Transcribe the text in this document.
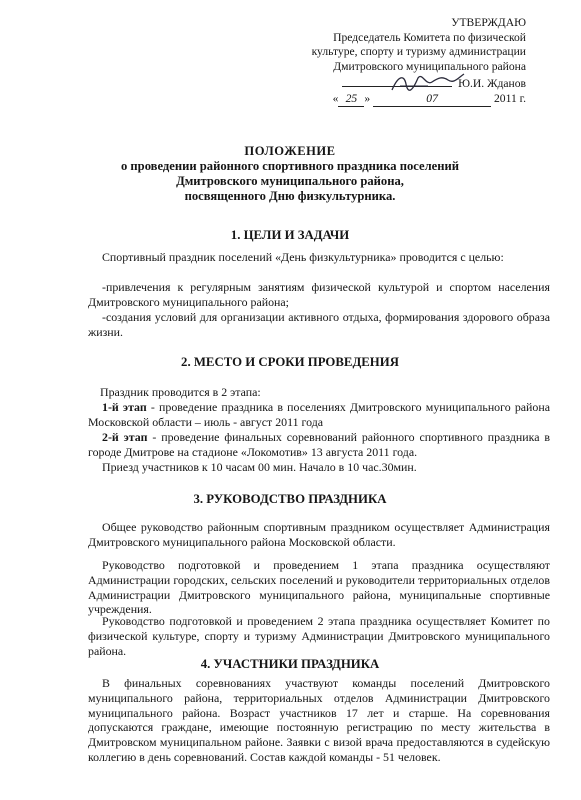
УТВЕРЖДАЮ
Председатель Комитета по физической
культуре, спорту и туризму администрации
Дмитровского муниципального района
Ю.И. Жданов
« 25 »	07	2011 г.
ПОЛОЖЕНИЕ
о проведении районного спортивного праздника поселений
Дмитровского муниципального района,
посвященного Дню физкультурника.
1. ЦЕЛИ И ЗАДАЧИ
Спортивный праздник поселений «День физкультурника» проводится с целью:
-привлечения к регулярным занятиям физической культурой и спортом населения Дмитровского муниципального района;
-создания условий для организации активного отдыха, формирования здорового образа жизни.
2. МЕСТО И СРОКИ ПРОВЕДЕНИЯ
Праздник проводится в 2 этапа:
1-й этап - проведение праздника в поселениях Дмитровского муниципального района Московской области – июль - август 2011 года
2-й этап - проведение финальных соревнований районного спортивного праздника в городе Дмитрове на стадионе «Локомотив» 13 августа 2011 года.
Приезд участников к 10 часам 00 мин. Начало в 10 час.30мин.
3. РУКОВОДСТВО ПРАЗДНИКА
Общее руководство районным спортивным праздником осуществляет Администрация Дмитровского муниципального района Московской области.
Руководство подготовкой и проведением 1 этапа праздника осуществляют Администрации городских, сельских поселений и руководители территориальных отделов Администрации Дмитровского муниципального района, муниципальные спортивные учреждения.
Руководство подготовкой и проведением 2 этапа праздника осуществляет Комитет по физической культуре, спорту и туризму Администрации Дмитровского муниципального района.
4. УЧАСТНИКИ ПРАЗДНИКА
В финальных соревнованиях участвуют команды поселений Дмитровского муниципального района, территориальных отделов Администрации Дмитровского муниципального района. Возраст участников 17 лет и старше. На соревнования допускаются граждане, имеющие постоянную регистрацию по месту жительства в Дмитровском муниципальном районе. Заявки с визой врача предоставляются в судейскую коллегию в день соревнований. Состав каждой команды - 51 человек.
